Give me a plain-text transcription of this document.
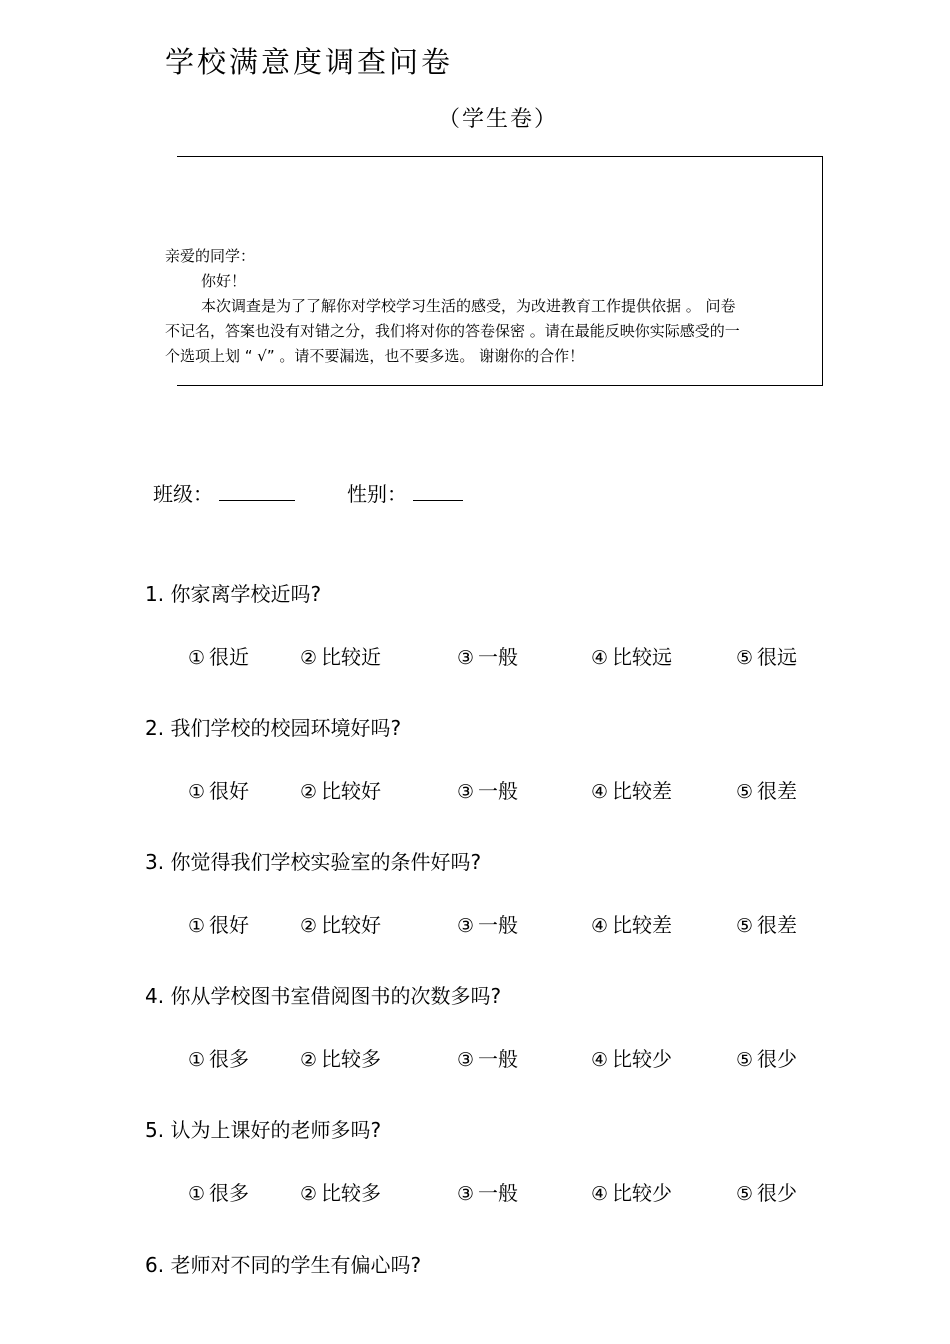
学校满意度调查问卷
（学生卷）
亲爱的同学：
你好！
本次调查是为了了解你对学校学习生活的感受，为改进教育工作提供依据 。 问卷
不记名，答案也没有对错之分，我们将对你的答卷保密 。请在最能反映你实际感受的一
个选项上划 “ √” 。请不要漏选，也不要多选。 谢谢你的合作！
班级：	性别：
1. 你家离学校近吗?
① 很近	② 比较近	③ 一般	④ 比较远	⑤ 很远
2. 我们学校的校园环境好吗?
① 很好	② 比较好	③ 一般	④ 比较差	⑤ 很差
3. 你觉得我们学校实验室的条件好吗?
① 很好	② 比较好	③ 一般	④ 比较差	⑤ 很差
4. 你从学校图书室借阅图书的次数多吗?
① 很多	② 比较多	③ 一般	④ 比较少	⑤ 很少
5. 认为上课好的老师多吗?
① 很多	② 比较多	③ 一般	④ 比较少	⑤ 很少
6. 老师对不同的学生有偏心吗?
